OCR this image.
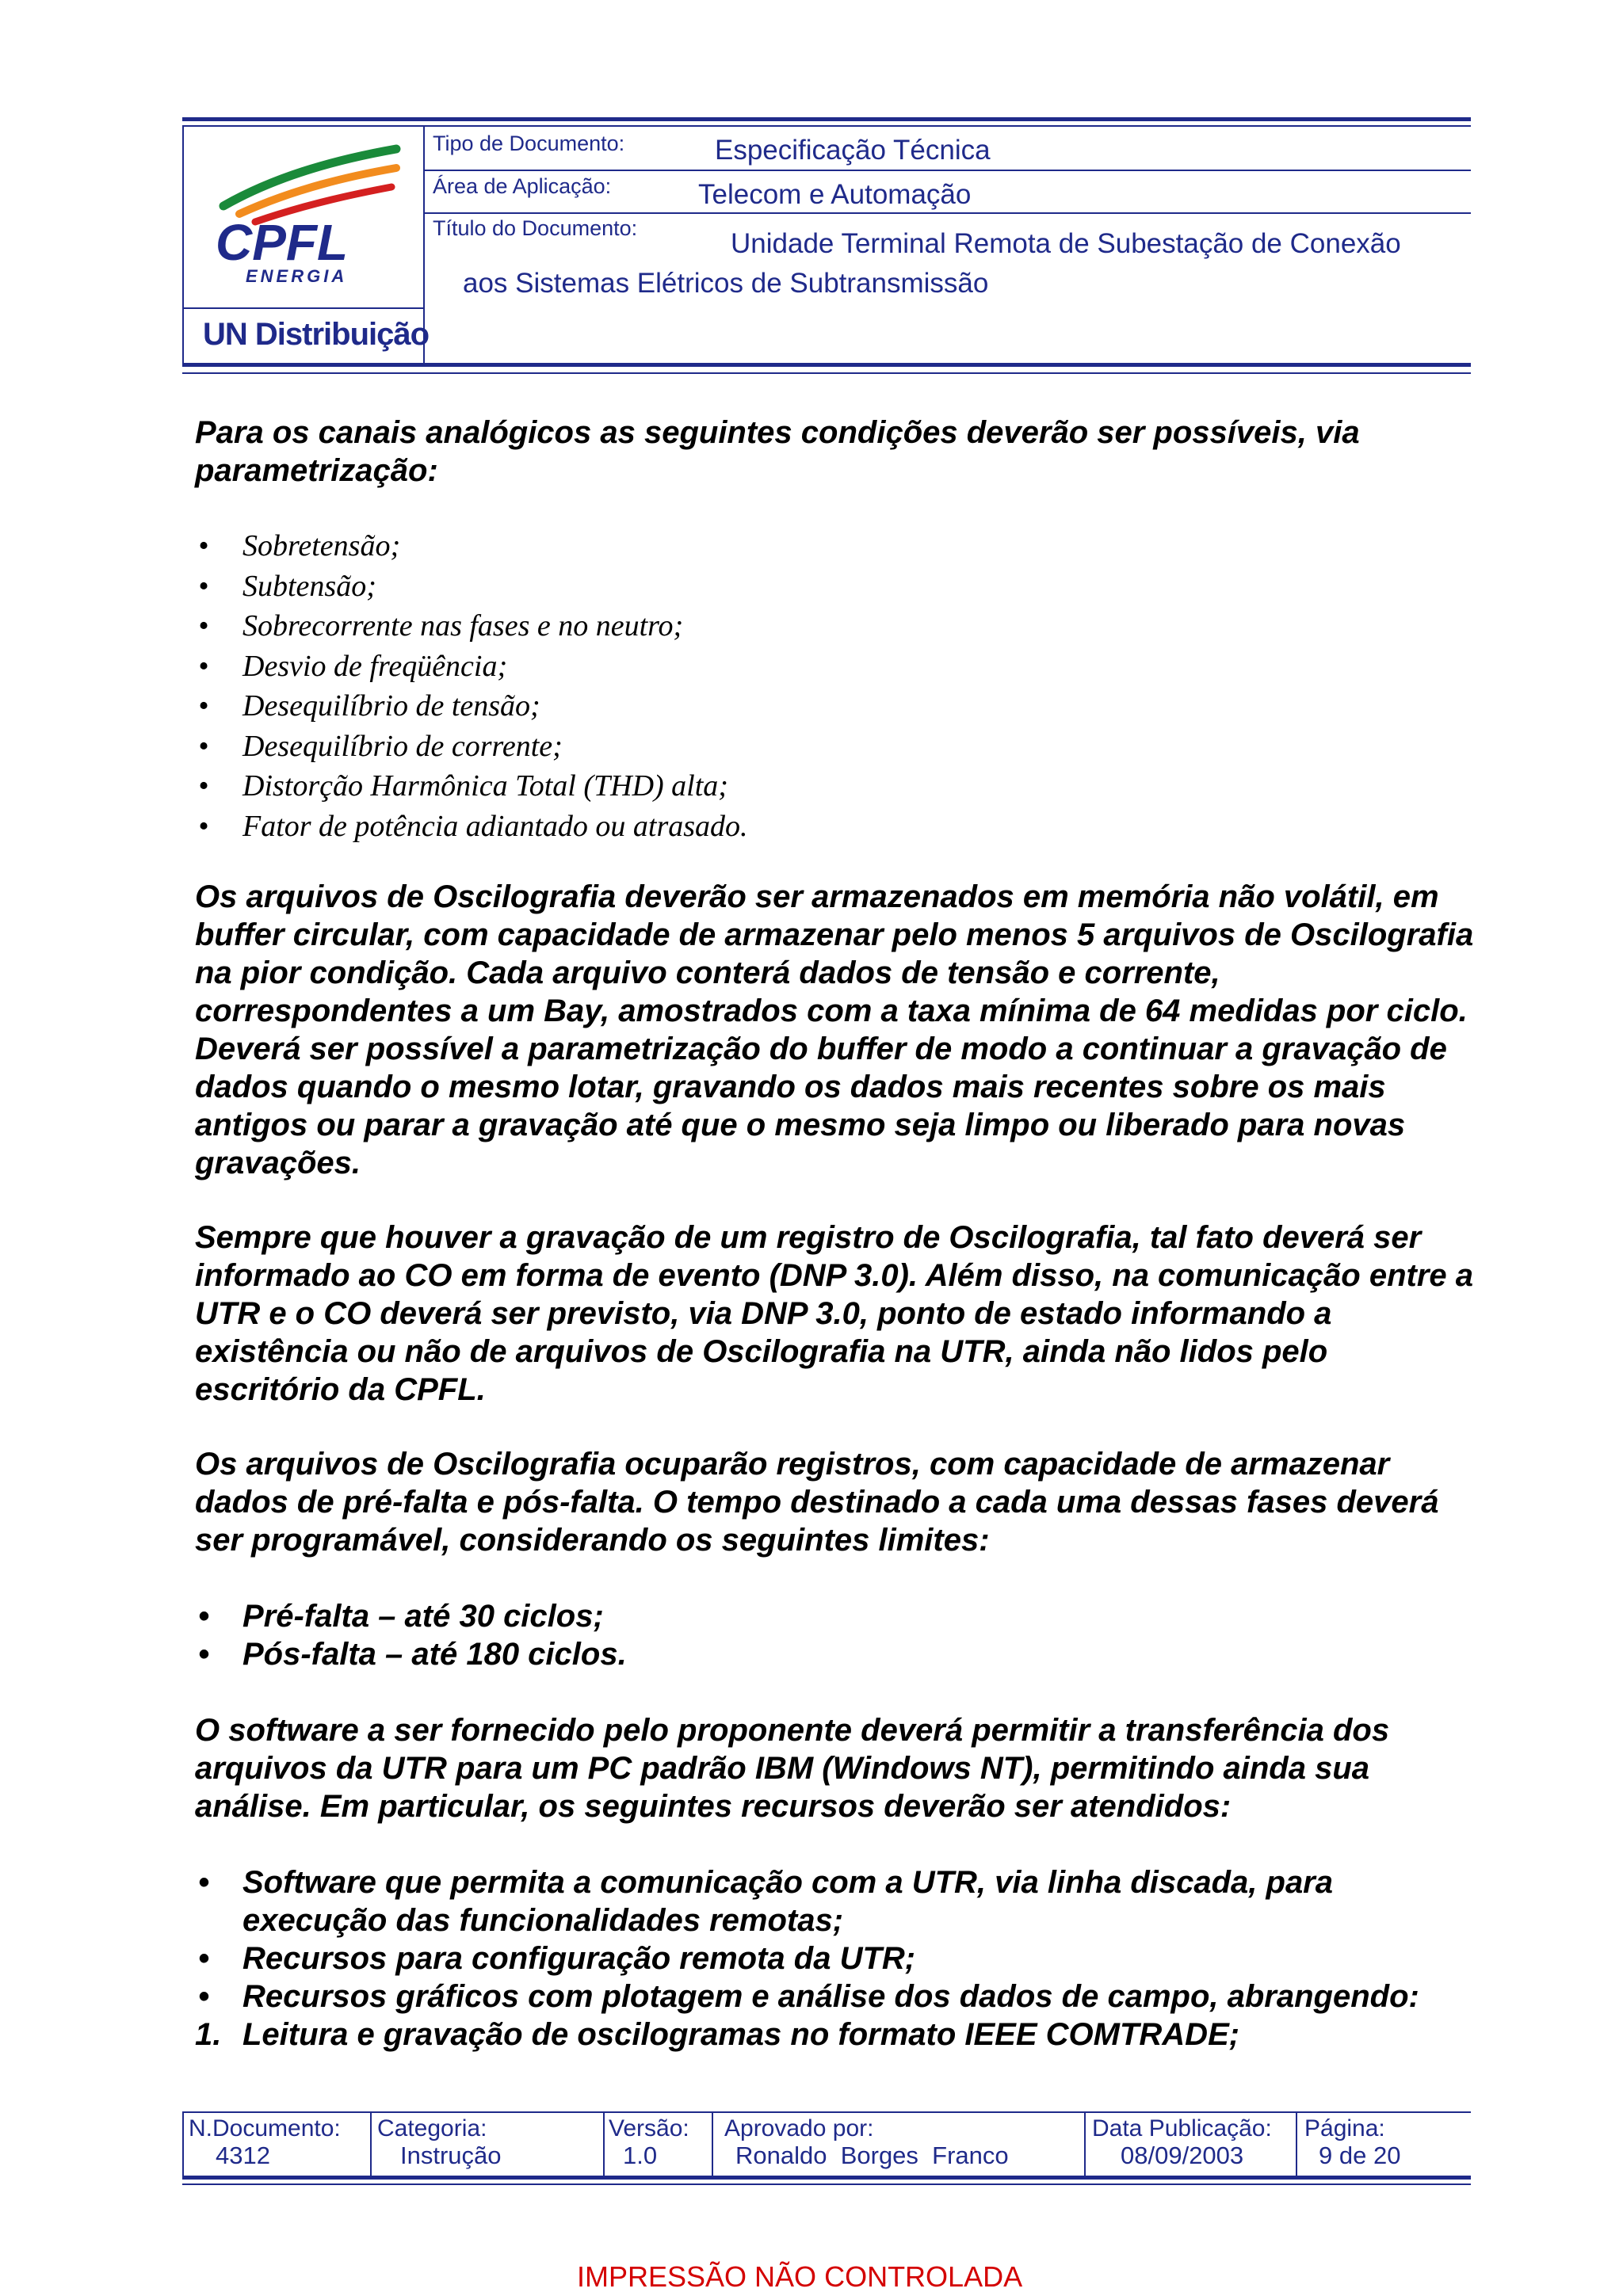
CPFL
ENERGIA
UN Distribuição
Tipo de Documento:	Especificação Técnica
Área de Aplicação:	Telecom e Automação
Título do Documento:	Unidade Terminal Remota de Subestação de Conexão
aos Sistemas Elétricos de Subtransmissão

Para os canais analógicos as seguintes condições deverão ser possíveis, via parametrização:

• Sobretensão;
• Subtensão;
• Sobrecorrente nas fases e no neutro;
• Desvio de freqüência;
• Desequilíbrio de tensão;
• Desequilíbrio de corrente;
• Distorção Harmônica Total (THD) alta;
• Fator de potência adiantado ou atrasado.

Os arquivos de Oscilografia deverão ser armazenados em memória não volátil, em buffer circular, com capacidade de armazenar pelo menos 5 arquivos de Oscilografia na pior condição. Cada arquivo conterá dados de tensão e corrente, correspondentes a um Bay, amostrados com a taxa mínima de 64 medidas por ciclo. Deverá ser possível a parametrização do buffer de modo a continuar a gravação de dados quando o mesmo lotar, gravando os dados mais recentes sobre os mais antigos ou parar a gravação até que o mesmo seja limpo ou liberado para novas gravações.

Sempre que houver a gravação de um registro de Oscilografia, tal fato deverá ser informado ao CO em forma de evento (DNP 3.0). Além disso, na comunicação entre a UTR e o CO deverá ser previsto, via DNP 3.0, ponto de estado informando a existência ou não de arquivos de Oscilografia na UTR, ainda não lidos pelo escritório da CPFL.

Os arquivos de Oscilografia ocuparão registros, com capacidade de armazenar dados de pré-falta e pós-falta. O tempo destinado a cada uma dessas fases deverá ser programável, considerando os seguintes limites:

• Pré-falta – até 30 ciclos;
• Pós-falta – até 180 ciclos.

O software a ser fornecido pelo proponente deverá permitir a transferência dos arquivos da UTR para um PC padrão IBM (Windows NT), permitindo ainda sua análise. Em particular, os seguintes recursos deverão ser atendidos:

• Software que permita a comunicação com a UTR, via linha discada, para execução das funcionalidades remotas;
• Recursos para configuração remota da UTR;
• Recursos gráficos com plotagem e análise dos dados de campo, abrangendo:
1. Leitura e gravação de oscilogramas no formato IEEE COMTRADE;
N.Documento:
4312
Categoria:
Instrução
Versão:
1.0
Aprovado por:
Ronaldo  Borges  Franco
Data Publicação:
08/09/2003
Página:
9 de 20
IMPRESSÃO NÃO CONTROLADA
